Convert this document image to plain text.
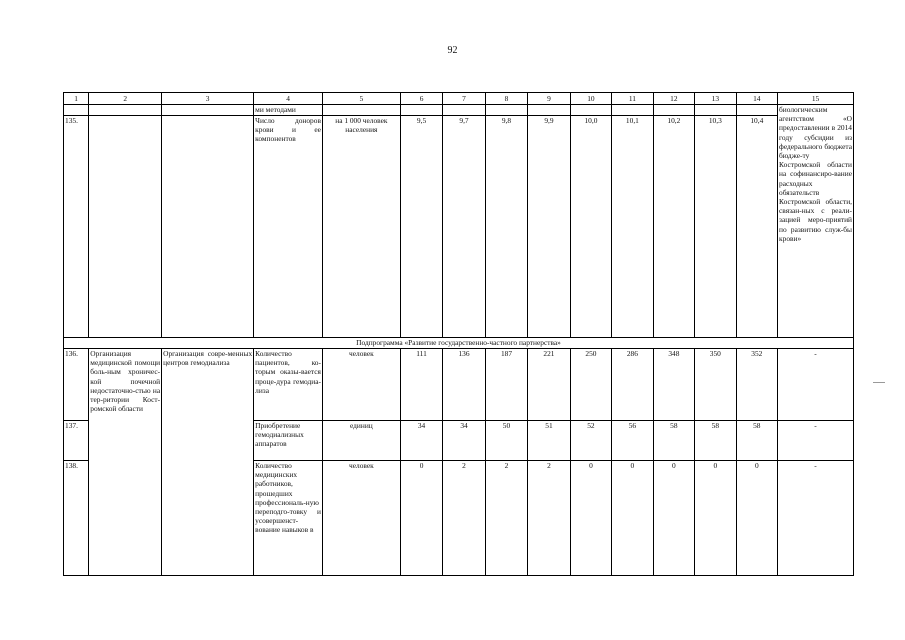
92
1	2	3	4	5	6	7	8	9	10	11	12	13	14	15
			ми методами											биологическим агентством «О предоставлении в 2014 году субсидии из федерального бюджета бюдже-ту Костромской области на софинансиро-вание расходных обязательств Костромской области, связан-ных с реали-зацией меро-приятий по развитию служ-бы крови»
135.			Число доноров крови и ее компонентов	на 1 000 человек населения	9,5	9,7	9,8	9,9	10,0	10,1	10,2	10,3	10,4	
Подпрограмма «Развитие государственно-частного партнерства»														
136.	Организация медицинской помощи боль-ным хроничес-кой почечной недостаточно-стью на тер-ритории Кост-ромской области	Организация совре-менных центров гемодиализа	Количество пациентов, ко-торым оказы-вается проце-дура гемодиа-лиза	человек	111	136	187	221	250	286	348	350	352	-
137.			Приобретение гемодиализных аппаратов	единиц	34	34	50	51	52	56	58	58	58	-
138.			Количество медицинских работников, прошедших профессиональ-ную переподго-товку и усовершенст-вование навыков в	человек	0	2	2	2	0	0	0	0	0	-
